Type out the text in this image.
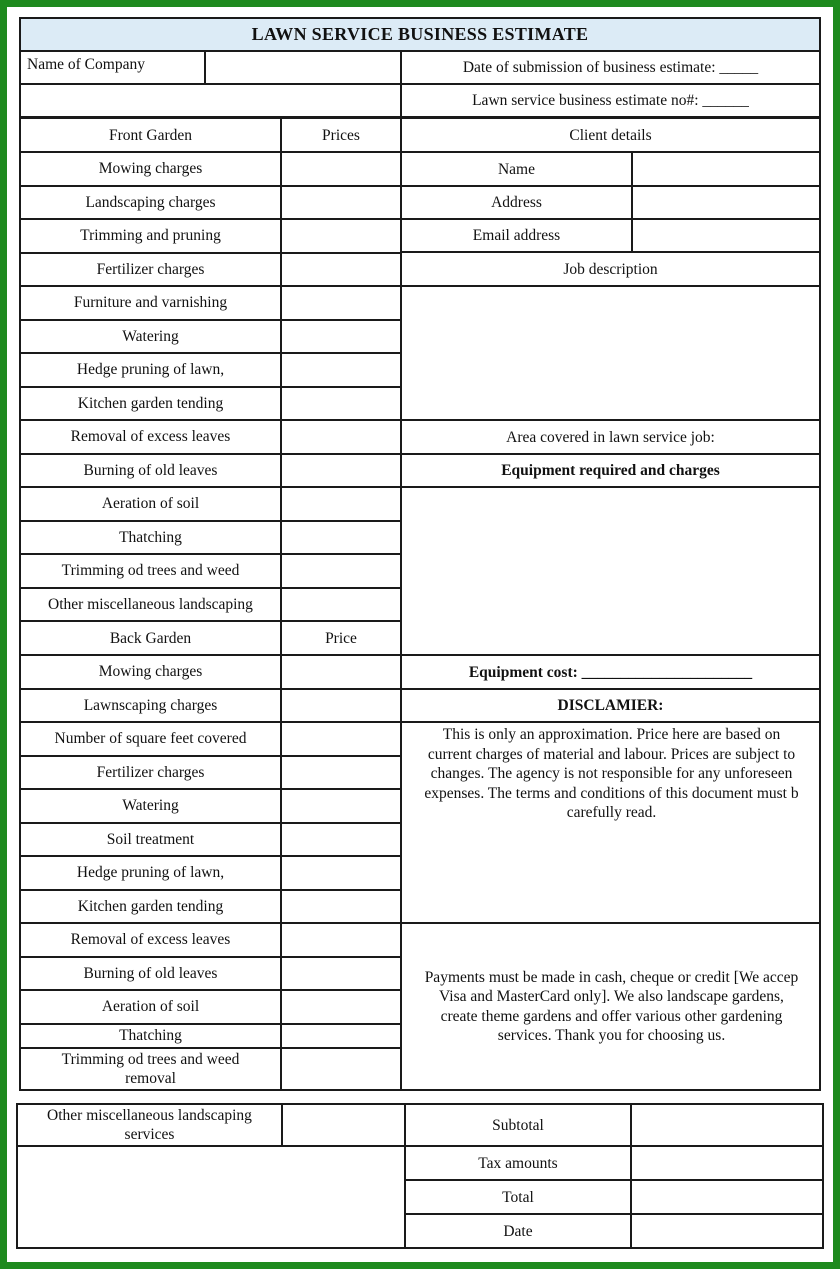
LAWN SERVICE BUSINESS ESTIMATE
Name of Company	Date of submission of business estimate: _____
Lawn service business estimate no#: ______
Front Garden	Prices
Mowing charges
Landscaping charges
Trimming and pruning
Fertilizer charges
Furniture and varnishing
Watering
Hedge pruning of lawn,
Kitchen garden tending
Removal of excess leaves
Burning of old leaves
Aeration of soil
Thatching
Trimming od trees and weed
Other miscellaneous landscaping
Back Garden	Price
Mowing charges
Lawnscaping charges
Number of square feet covered
Fertilizer charges
Watering
Soil treatment
Hedge pruning of lawn,
Kitchen garden tending
Removal of excess leaves
Burning of old leaves
Aeration of soil
Thatching
Trimming od trees and weed
removal
Client details
Name
Address
Email address
Job description
Area covered in lawn service job:
Equipment required and charges
Equipment cost: ______________________
DISCLAMIER:
This is only an approximation. Price here are based on
current charges of material and labour. Prices are subject to
changes. The agency is not responsible for any unforeseen
expenses. The terms and conditions of this document must b
carefully read.
Payments must be made in cash, cheque or credit [We accep
Visa and MasterCard only]. We also landscape gardens,
create theme gardens and offer various other gardening
services. Thank you for choosing us.
Other miscellaneous landscaping
services
Subtotal
Tax amounts
Total
Date
